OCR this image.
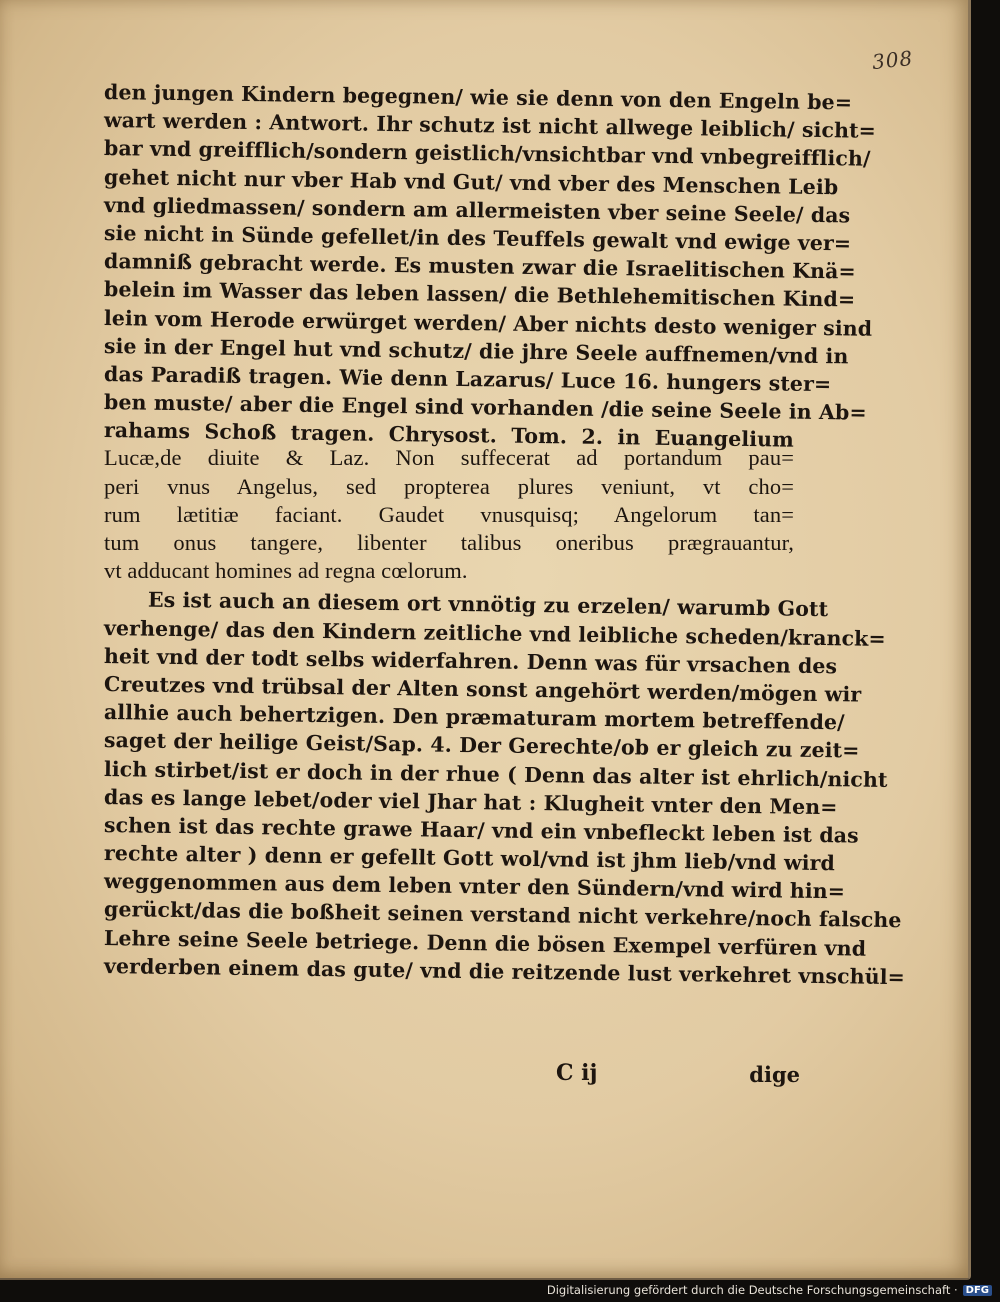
308
den jungen Kindern begegnen/ wie sie denn von den Engeln be=
wart werden : Antwort. Ihr schutz ist nicht allwege leiblich/ sicht=
bar vnd greifflich/sondern geistlich/vnsichtbar vnd vnbegreifflich/
gehet nicht nur vber Hab vnd Gut/ vnd vber des Menschen Leib
vnd gliedmassen/ sondern am allermeisten vber seine Seele/ das
sie nicht in Sünde gefellet/in des Teuffels gewalt vnd ewige ver=
damniß gebracht werde. Es musten zwar die Israelitischen Knä=
belein im Wasser das leben lassen/ die Bethlehemitischen Kind=
lein vom Herode erwürget werden/ Aber nichts desto weniger sind
sie in der Engel hut vnd schutz/ die jhre Seele auffnemen/vnd in
das Paradiß tragen. Wie denn Lazarus/ Luce 16. hungers ster=
ben muste/ aber die Engel sind vorhanden /die seine Seele in Ab=
rahams Schoß tragen. Chrysost. Tom. 2. in Euangelium
Lucæ,de diuite & Laz. Non suffecerat ad portandum pau=
peri vnus Angelus, sed propterea plures veniunt, vt cho=
rum lætitiæ faciant. Gaudet vnusquisq; Angelorum tan=
tum onus tangere, libenter talibus oneribus prægrauantur,
vt adducant homines ad regna cœlorum.
Es ist auch an diesem ort vnnötig zu erzelen/ warumb Gott
verhenge/ das den Kindern zeitliche vnd leibliche scheden/kranck=
heit vnd der todt selbs widerfahren. Denn was für vrsachen des
Creutzes vnd trübsal der Alten sonst angehört werden/mögen wir
allhie auch behertzigen. Den præmaturam mortem betreffende/
saget der heilige Geist/Sap. 4. Der Gerechte/ob er gleich zu zeit=
lich stirbet/ist er doch in der rhue ( Denn das alter ist ehrlich/nicht
das es lange lebet/oder viel Jhar hat : Klugheit vnter den Men=
schen ist das rechte grawe Haar/ vnd ein vnbefleckt leben ist das
rechte alter ) denn er gefellt Gott wol/vnd ist jhm lieb/vnd wird
weggenommen aus dem leben vnter den Sündern/vnd wird hin=
gerückt/das die boßheit seinen verstand nicht verkehre/noch falsche
Lehre seine Seele betriege. Denn die bösen Exempel verfüren vnd
verderben einem das gute/ vnd die reitzende lust verkehret vnschül=
C ij	dige
Digitalisierung gefördert durch die Deutsche Forschungsgemeinschaft · DFG
